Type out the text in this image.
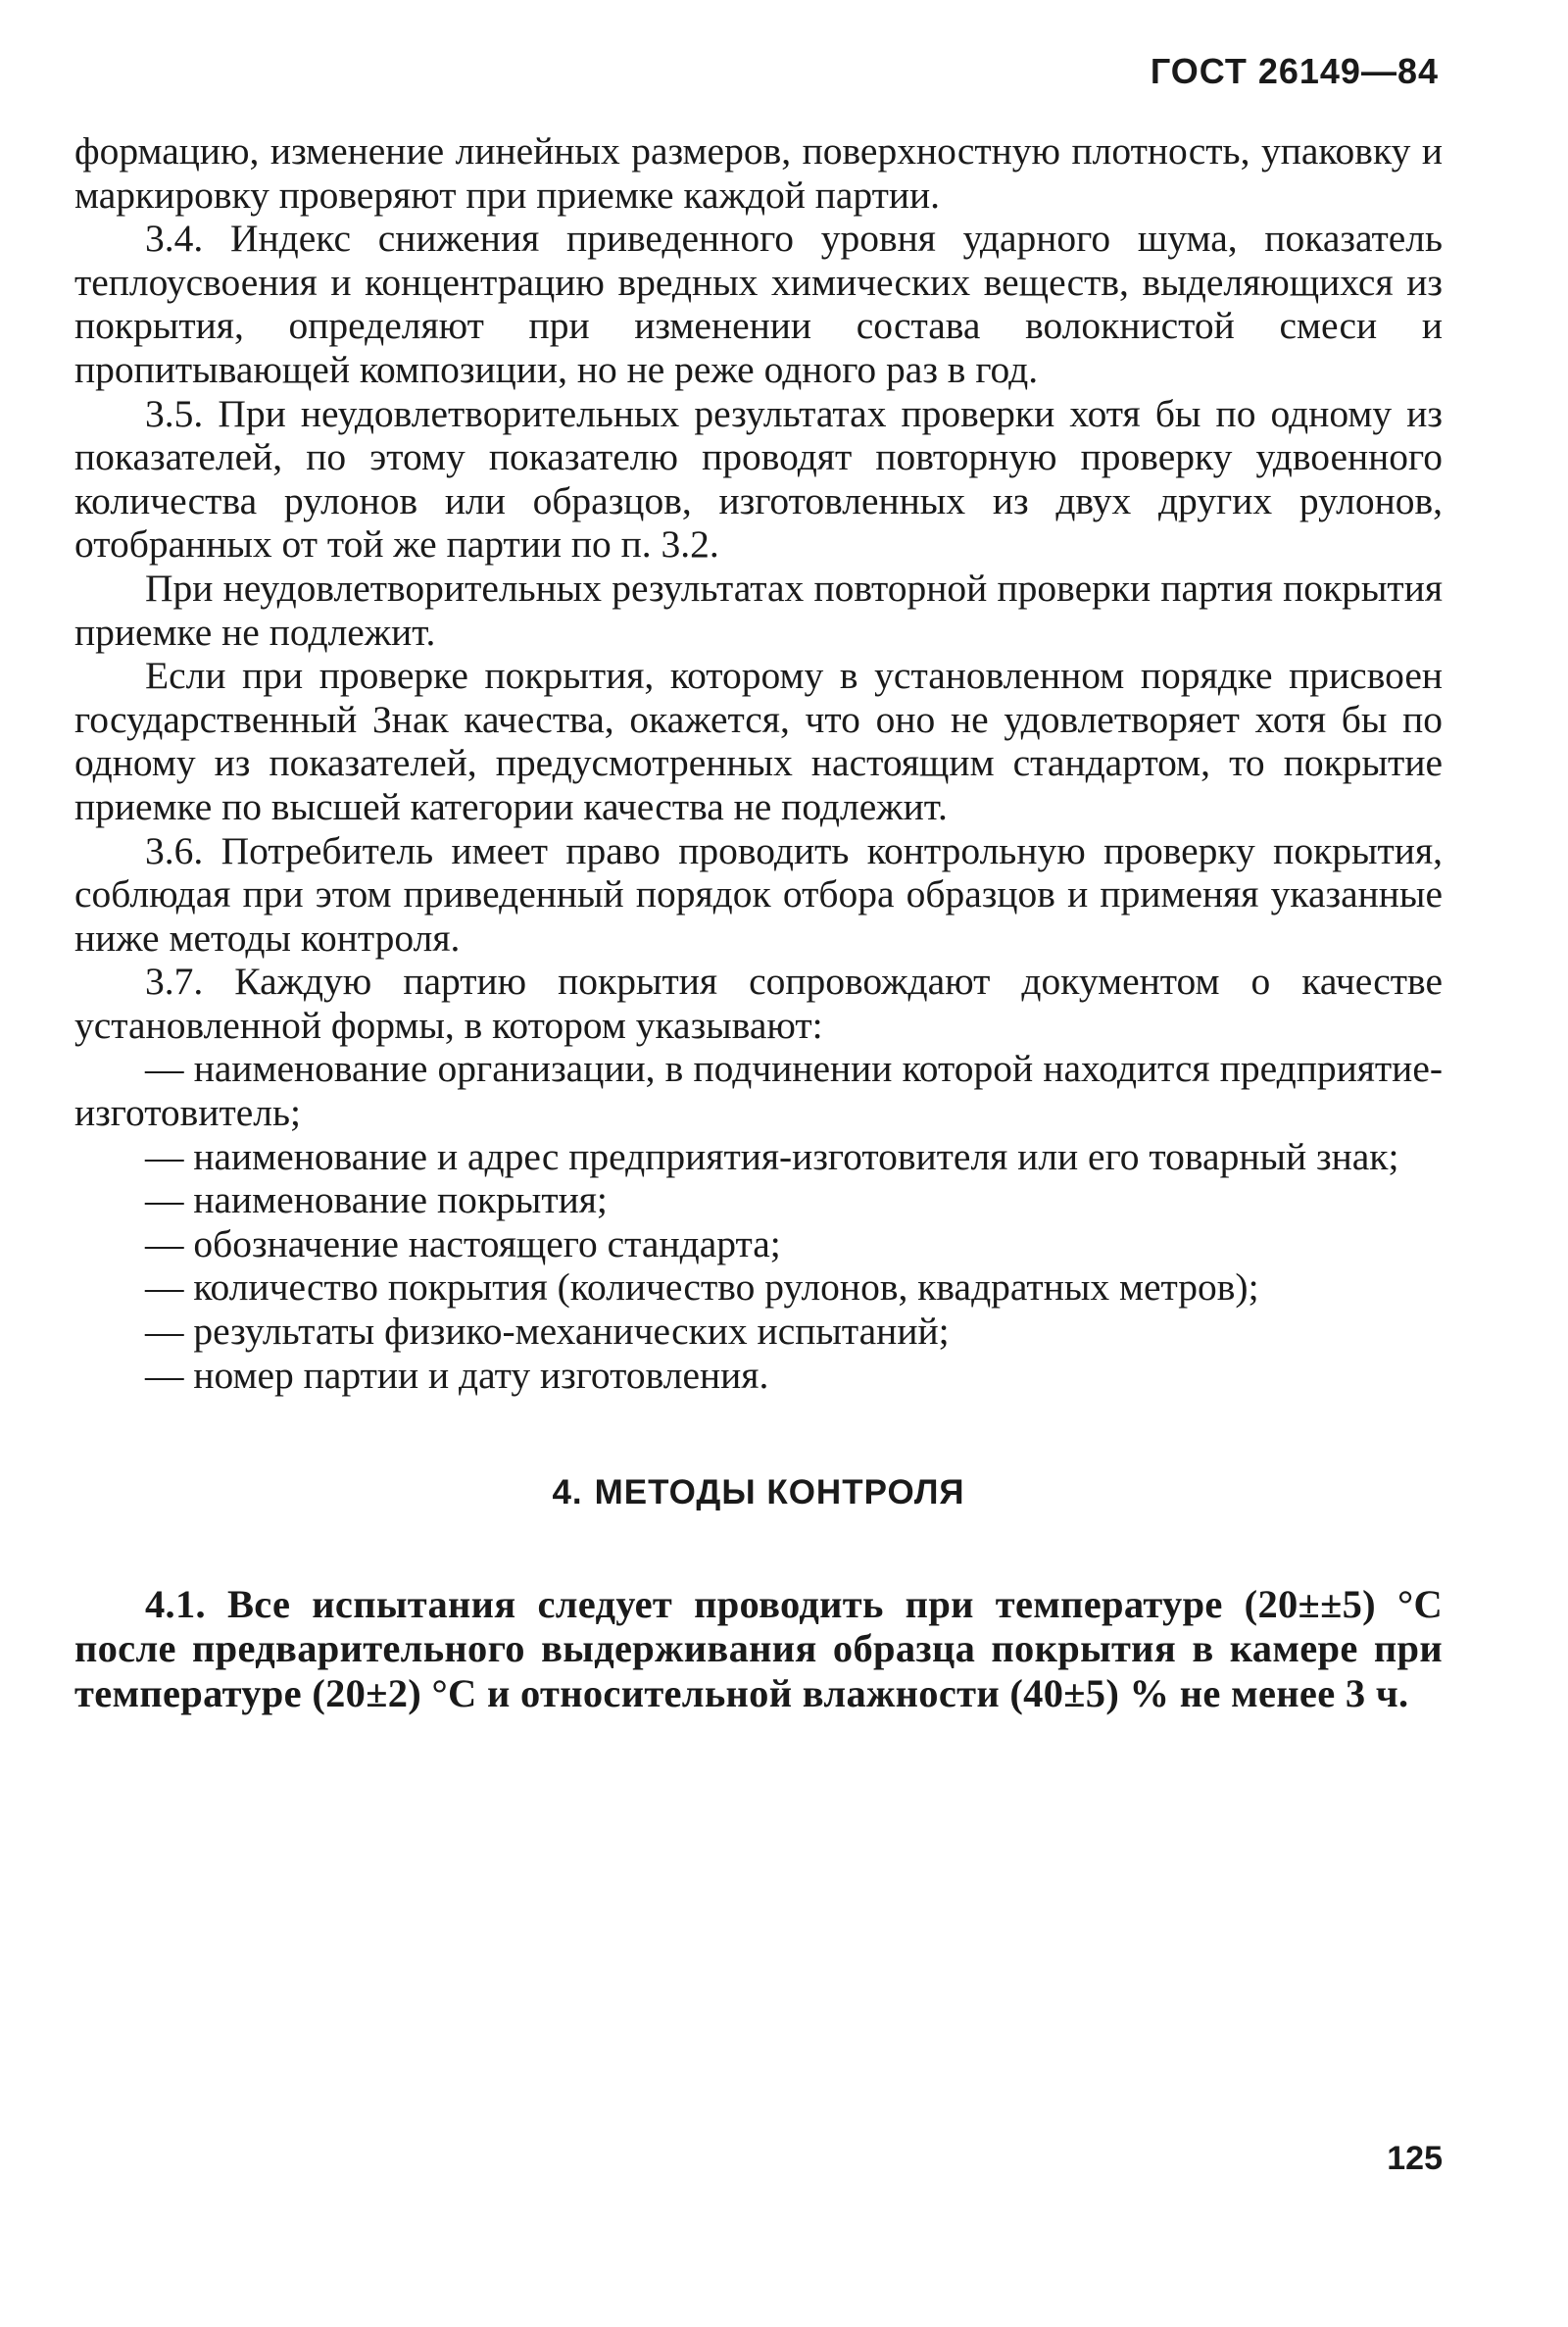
ГОСТ 26149—84

формацию, изменение линейных размеров, поверхностную плотность, упаковку и маркировку проверяют при приемке каждой партии.

3.4. Индекс снижения приведенного уровня ударного шума, показатель теплоусвоения и концентрацию вредных химических веществ, выделяющихся из покрытия, определяют при изменении состава волокнистой смеси и пропитывающей композиции, но не реже одного раз в год.

3.5. При неудовлетворительных результатах проверки хотя бы по одному из показателей, по этому показателю проводят повторную проверку удвоенного количества рулонов или образцов, изготовленных из двух других рулонов, отобранных от той же партии по п. 3.2.

При неудовлетворительных результатах повторной проверки партия покрытия приемке не подлежит.

Если при проверке покрытия, которому в установленном порядке присвоен государственный Знак качества, окажется, что оно не удовлетворяет хотя бы по одному из показателей, предусмотренных настоящим стандартом, то покрытие приемке по высшей категории качества не подлежит.

3.6. Потребитель имеет право проводить контрольную проверку покрытия, соблюдая при этом приведенный порядок отбора образцов и применяя указанные ниже методы контроля.

3.7. Каждую партию покрытия сопровождают документом о качестве установленной формы, в котором указывают:

— наименование организации, в подчинении которой находится предприятие-изготовитель;
— наименование и адрес предприятия-изготовителя или его товарный знак;
— наименование покрытия;
— обозначение настоящего стандарта;
— количество покрытия (количество рулонов, квадратных метров);
— результаты физико-механических испытаний;
— номер партии и дату изготовления.
4. МЕТОДЫ КОНТРОЛЯ

4.1. Все испытания следует проводить при температуре (20±±5) °С после предварительного выдерживания образца покрытия в камере при температуре (20±2) °С и относительной влажности (40±5) % не менее 3 ч.

125
